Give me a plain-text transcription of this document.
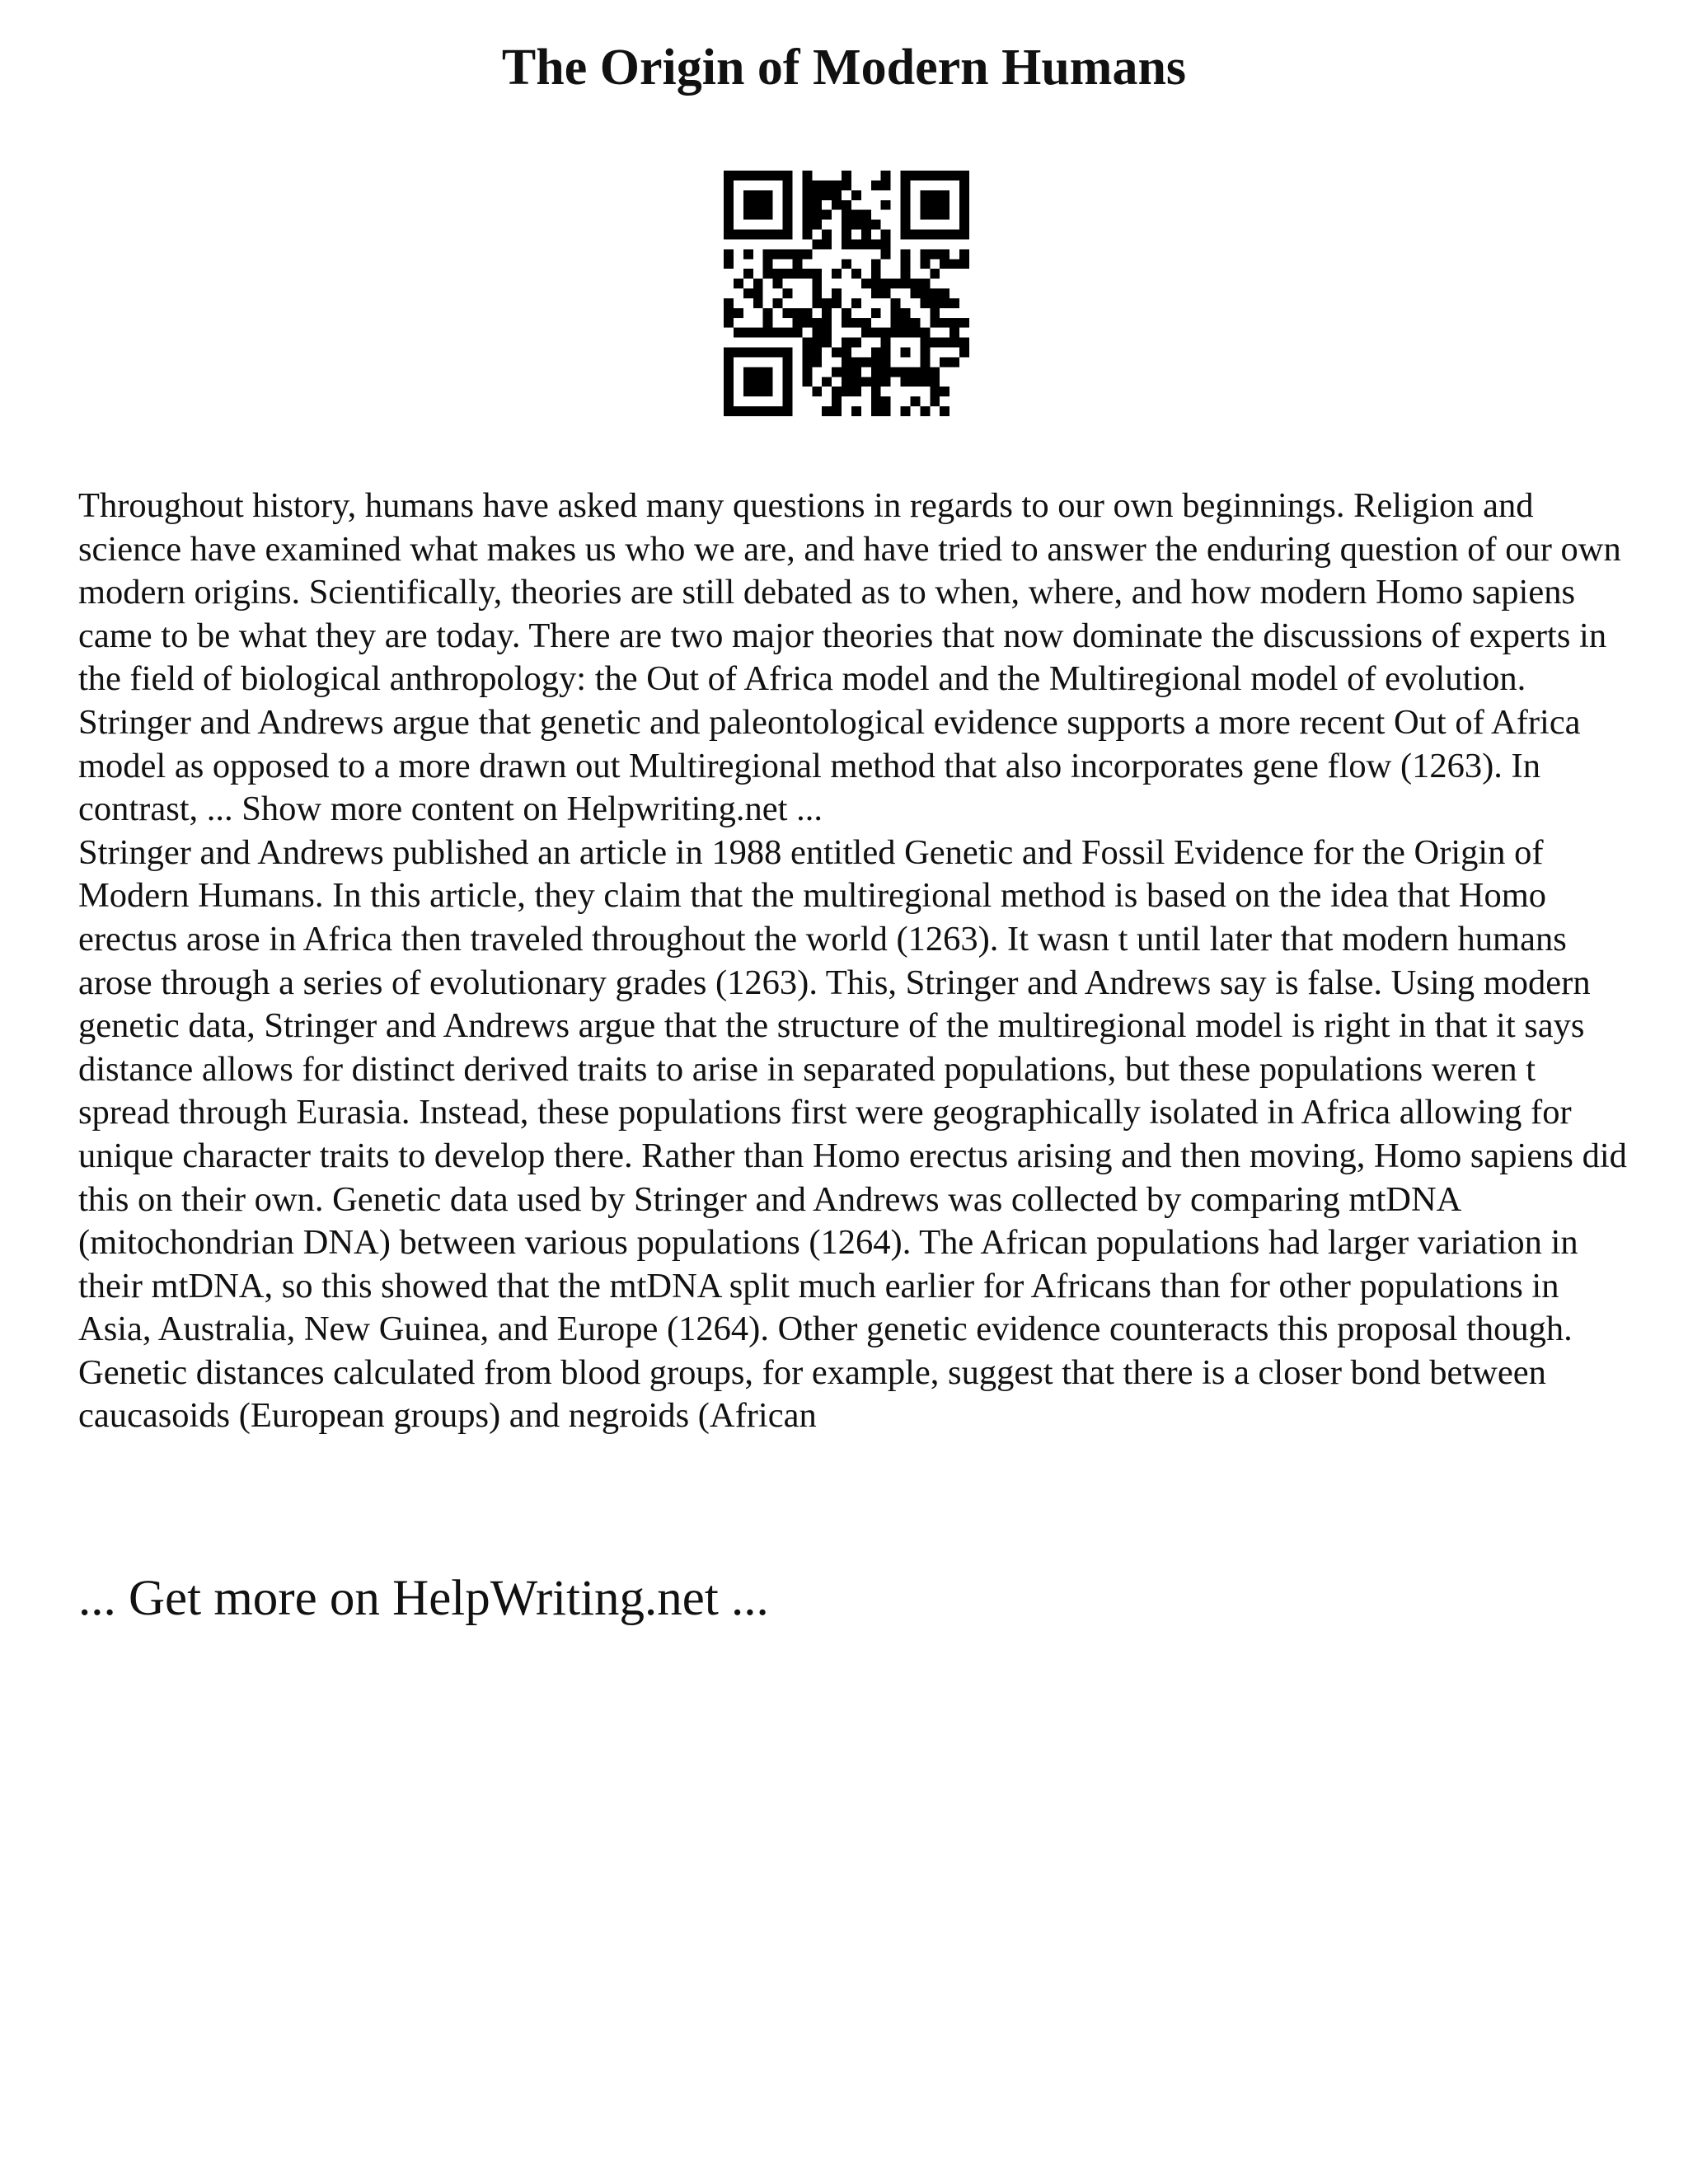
The Origin of Modern Humans

Throughout history, humans have asked many questions in regards to our own beginnings. Religion and science have examined what makes us who we are, and have tried to answer the enduring question of our own modern origins. Scientifically, theories are still debated as to when, where, and how modern Homo sapiens came to be what they are today. There are two major theories that now dominate the discussions of experts in the field of biological anthropology: the Out of Africa model and the Multiregional model of evolution. Stringer and Andrews argue that genetic and paleontological evidence supports a more recent Out of Africa model as opposed to a more drawn out Multiregional method that also incorporates gene flow (1263). In contrast, ... Show more content on Helpwriting.net ...

Stringer and Andrews published an article in 1988 entitled Genetic and Fossil Evidence for the Origin of Modern Humans. In this article, they claim that the multiregional method is based on the idea that Homo erectus arose in Africa then traveled throughout the world (1263). It wasn t until later that modern humans arose through a series of evolutionary grades (1263). This, Stringer and Andrews say is false. Using modern genetic data, Stringer and Andrews argue that the structure of the multiregional model is right in that it says distance allows for distinct derived traits to arise in separated populations, but these populations weren t spread through Eurasia. Instead, these populations first were geographically isolated in Africa allowing for unique character traits to develop there. Rather than Homo erectus arising and then moving, Homo sapiens did this on their own. Genetic data used by Stringer and Andrews was collected by comparing mtDNA (mitochondrian DNA) between various populations (1264). The African populations had larger variation in their mtDNA, so this showed that the mtDNA split much earlier for Africans than for other populations in Asia, Australia, New Guinea, and Europe (1264). Other genetic evidence counteracts this proposal though. Genetic distances calculated from blood groups, for example, suggest that there is a closer bond between caucasoids (European groups) and negroids (African

... Get more on HelpWriting.net ...
